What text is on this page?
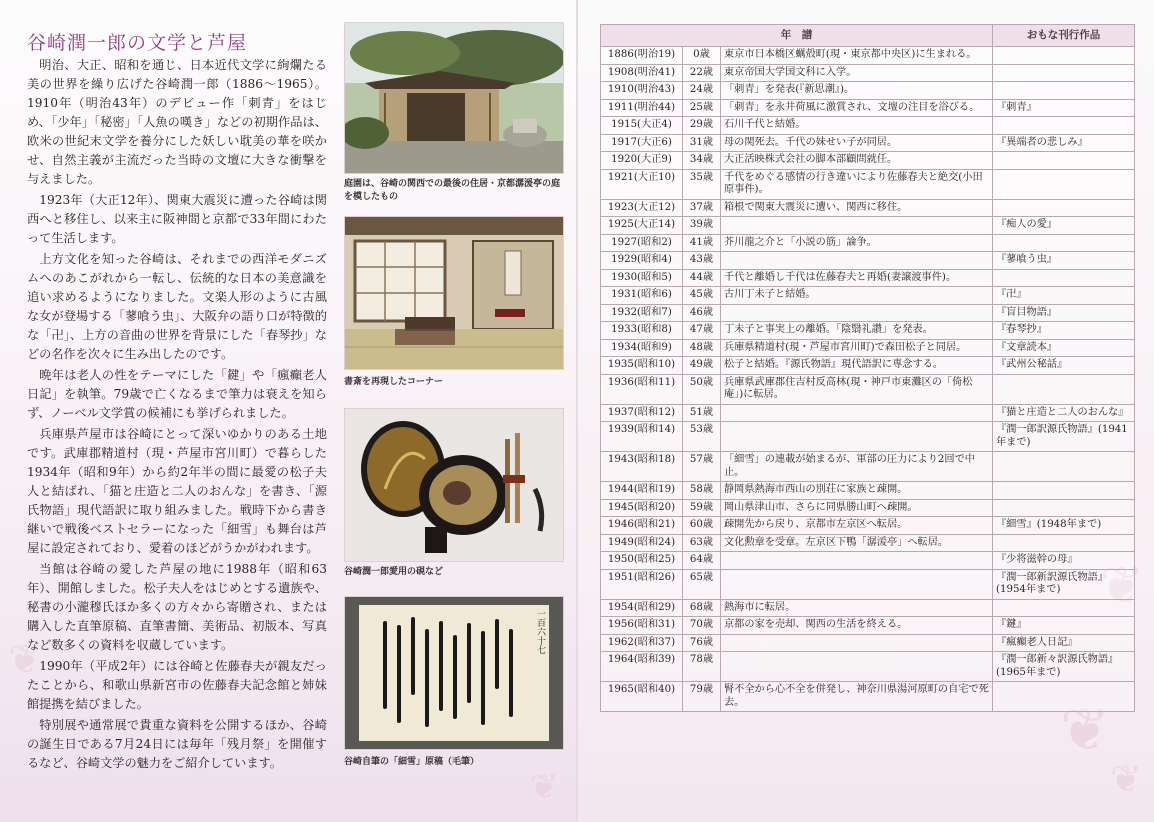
❦
❦
❦
❦
❦
谷崎潤一郎の文学と芦屋

明治、大正、昭和を通じ、日本近代文学に絢爛たる美の世界を繰り広げた谷崎潤一郎（1886〜1965）。1910年（明治43年）のデビュー作「刺青」をはじめ、「少年」「秘密」「人魚の嘆き」などの初期作品は、欧米の世紀末文学を養分にした妖しい耽美の華を咲かせ、自然主義が主流だった当時の文壇に大きな衝撃を与えました。

1923年（大正12年）、関東大震災に遭った谷崎は関西へと移住し、以来主に阪神間と京都で33年間にわたって生活します。

上方文化を知った谷崎は、それまでの西洋モダニズムへのあこがれから一転し、伝統的な日本の美意識を追い求めるようになりました。文楽人形のように古風な女が登場する「蓼喰う虫」、大阪弁の語り口が特徴的な「卍」、上方の音曲の世界を背景にした「春琴抄」などの名作を次々に生み出したのです。

晩年は老人の性をテーマにした「鍵」や「瘋癲老人日記」を執筆。79歳で亡くなるまで筆力は衰えを知らず、ノーベル文学賞の候補にも挙げられました。

兵庫県芦屋市は谷崎にとって深いゆかりのある土地です。武庫郡精道村（現・芦屋市宮川町）で暮らした1934年（昭和9年）から約2年半の間に最愛の松子夫人と結ばれ、「猫と庄造と二人のおんな」を書き、「源氏物語」現代語訳に取り組みました。戦時下から書き継いで戦後ベストセラーになった「細雪」も舞台は芦屋に設定されており、愛着のほどがうかがわれます。

当館は谷崎の愛した芦屋の地に1988年（昭和63年）、開館しました。松子夫人をはじめとする遺族や、秘書の小瀧穆氏ほか多くの方々から寄贈され、または購入した直筆原稿、直筆書簡、美術品、初版本、写真など数多くの資料を収蔵しています。

1990年（平成2年）には谷崎と佐藤春夫が親友だったことから、和歌山県新宮市の佐藤春夫記念館と姉妹館提携を結びました。

特別展や通常展で貴重な資料を公開するほか、谷崎の誕生日である7月24日には毎年「残月祭」を開催するなど、谷崎文学の魅力をご紹介しています。

庭園は、谷崎の関西での最後の住居・京都潺湲亭の庭を模したもの
書斎を再現したコーナー
谷崎潤一郎愛用の硯など
一百六十七
谷崎自筆の「細雪」原稿（毛筆）
年　譜			おもな刊行作品
1886(明治19)	0歳	東京市日本橋区蠣殻町(現・東京都中央区)に生まれる。	
1908(明治41)	22歳	東京帝国大学国文科に入学。	
1910(明治43)	24歳	「刺青」を発表(『新思潮』)。	
1911(明治44)	25歳	「刺青」を永井荷風に激賞され、文壇の注目を浴びる。	『刺青』
1915(大正4)	29歳	石川千代と結婚。	
1917(大正6)	31歳	母の関死去。千代の妹せい子が同居。	『異端者の悲しみ』
1920(大正9)	34歳	大正活映株式会社の脚本部顧問就任。	
1921(大正10)	35歳	千代をめぐる感情の行き違いにより佐藤春夫と絶交(小田原事件)。	
1923(大正12)	37歳	箱根で関東大震災に遭い、関西に移住。	
1925(大正14)	39歳		『痴人の愛』
1927(昭和2)	41歳	芥川龍之介と「小説の筋」論争。	
1929(昭和4)	43歳		『蓼喰う虫』
1930(昭和5)	44歳	千代と離婚し千代は佐藤春夫と再婚(妻譲渡事件)。	
1931(昭和6)	45歳	古川丁未子と結婚。	『卍』
1932(昭和7)	46歳		『盲目物語』
1933(昭和8)	47歳	丁未子と事実上の離婚。「陰翳礼讃」を発表。	『春琴抄』
1934(昭和9)	48歳	兵庫県精道村(現・芦屋市宮川町)で森田松子と同居。	『文章読本』
1935(昭和10)	49歳	松子と結婚。『源氏物語』現代語訳に専念する。	『武州公秘話』
1936(昭和11)	50歳	兵庫県武庫郡住吉村反高林(現・神戸市東灘区の「倚松庵」)に転居。	
1937(昭和12)	51歳		『猫と庄造と二人のおんな』
1939(昭和14)	53歳		『潤一郎訳源氏物語』(1941年まで)
1943(昭和18)	57歳	「細雪」の連載が始まるが、軍部の圧力により2回で中止。	
1944(昭和19)	58歳	静岡県熱海市西山の別荘に家族と疎開。	
1945(昭和20)	59歳	岡山県津山市、さらに同県勝山町へ疎開。	
1946(昭和21)	60歳	疎開先から戻り、京都市左京区へ転居。	『細雪』(1948年まで)
1949(昭和24)	63歳	文化勲章を受章。左京区下鴨「潺湲亭」へ転居。	
1950(昭和25)	64歳		『少将滋幹の母』
1951(昭和26)	65歳		『潤一郎新訳源氏物語』(1954年まで)
1954(昭和29)	68歳	熱海市に転居。	
1956(昭和31)	70歳	京都の家を売却、関西の生活を終える。	『鍵』
1962(昭和37)	76歳		『瘋癲老人日記』
1964(昭和39)	78歳		『潤一郎新々訳源氏物語』(1965年まで)
1965(昭和40)	79歳	腎不全から心不全を併発し、神奈川県湯河原町の自宅で死去。	
